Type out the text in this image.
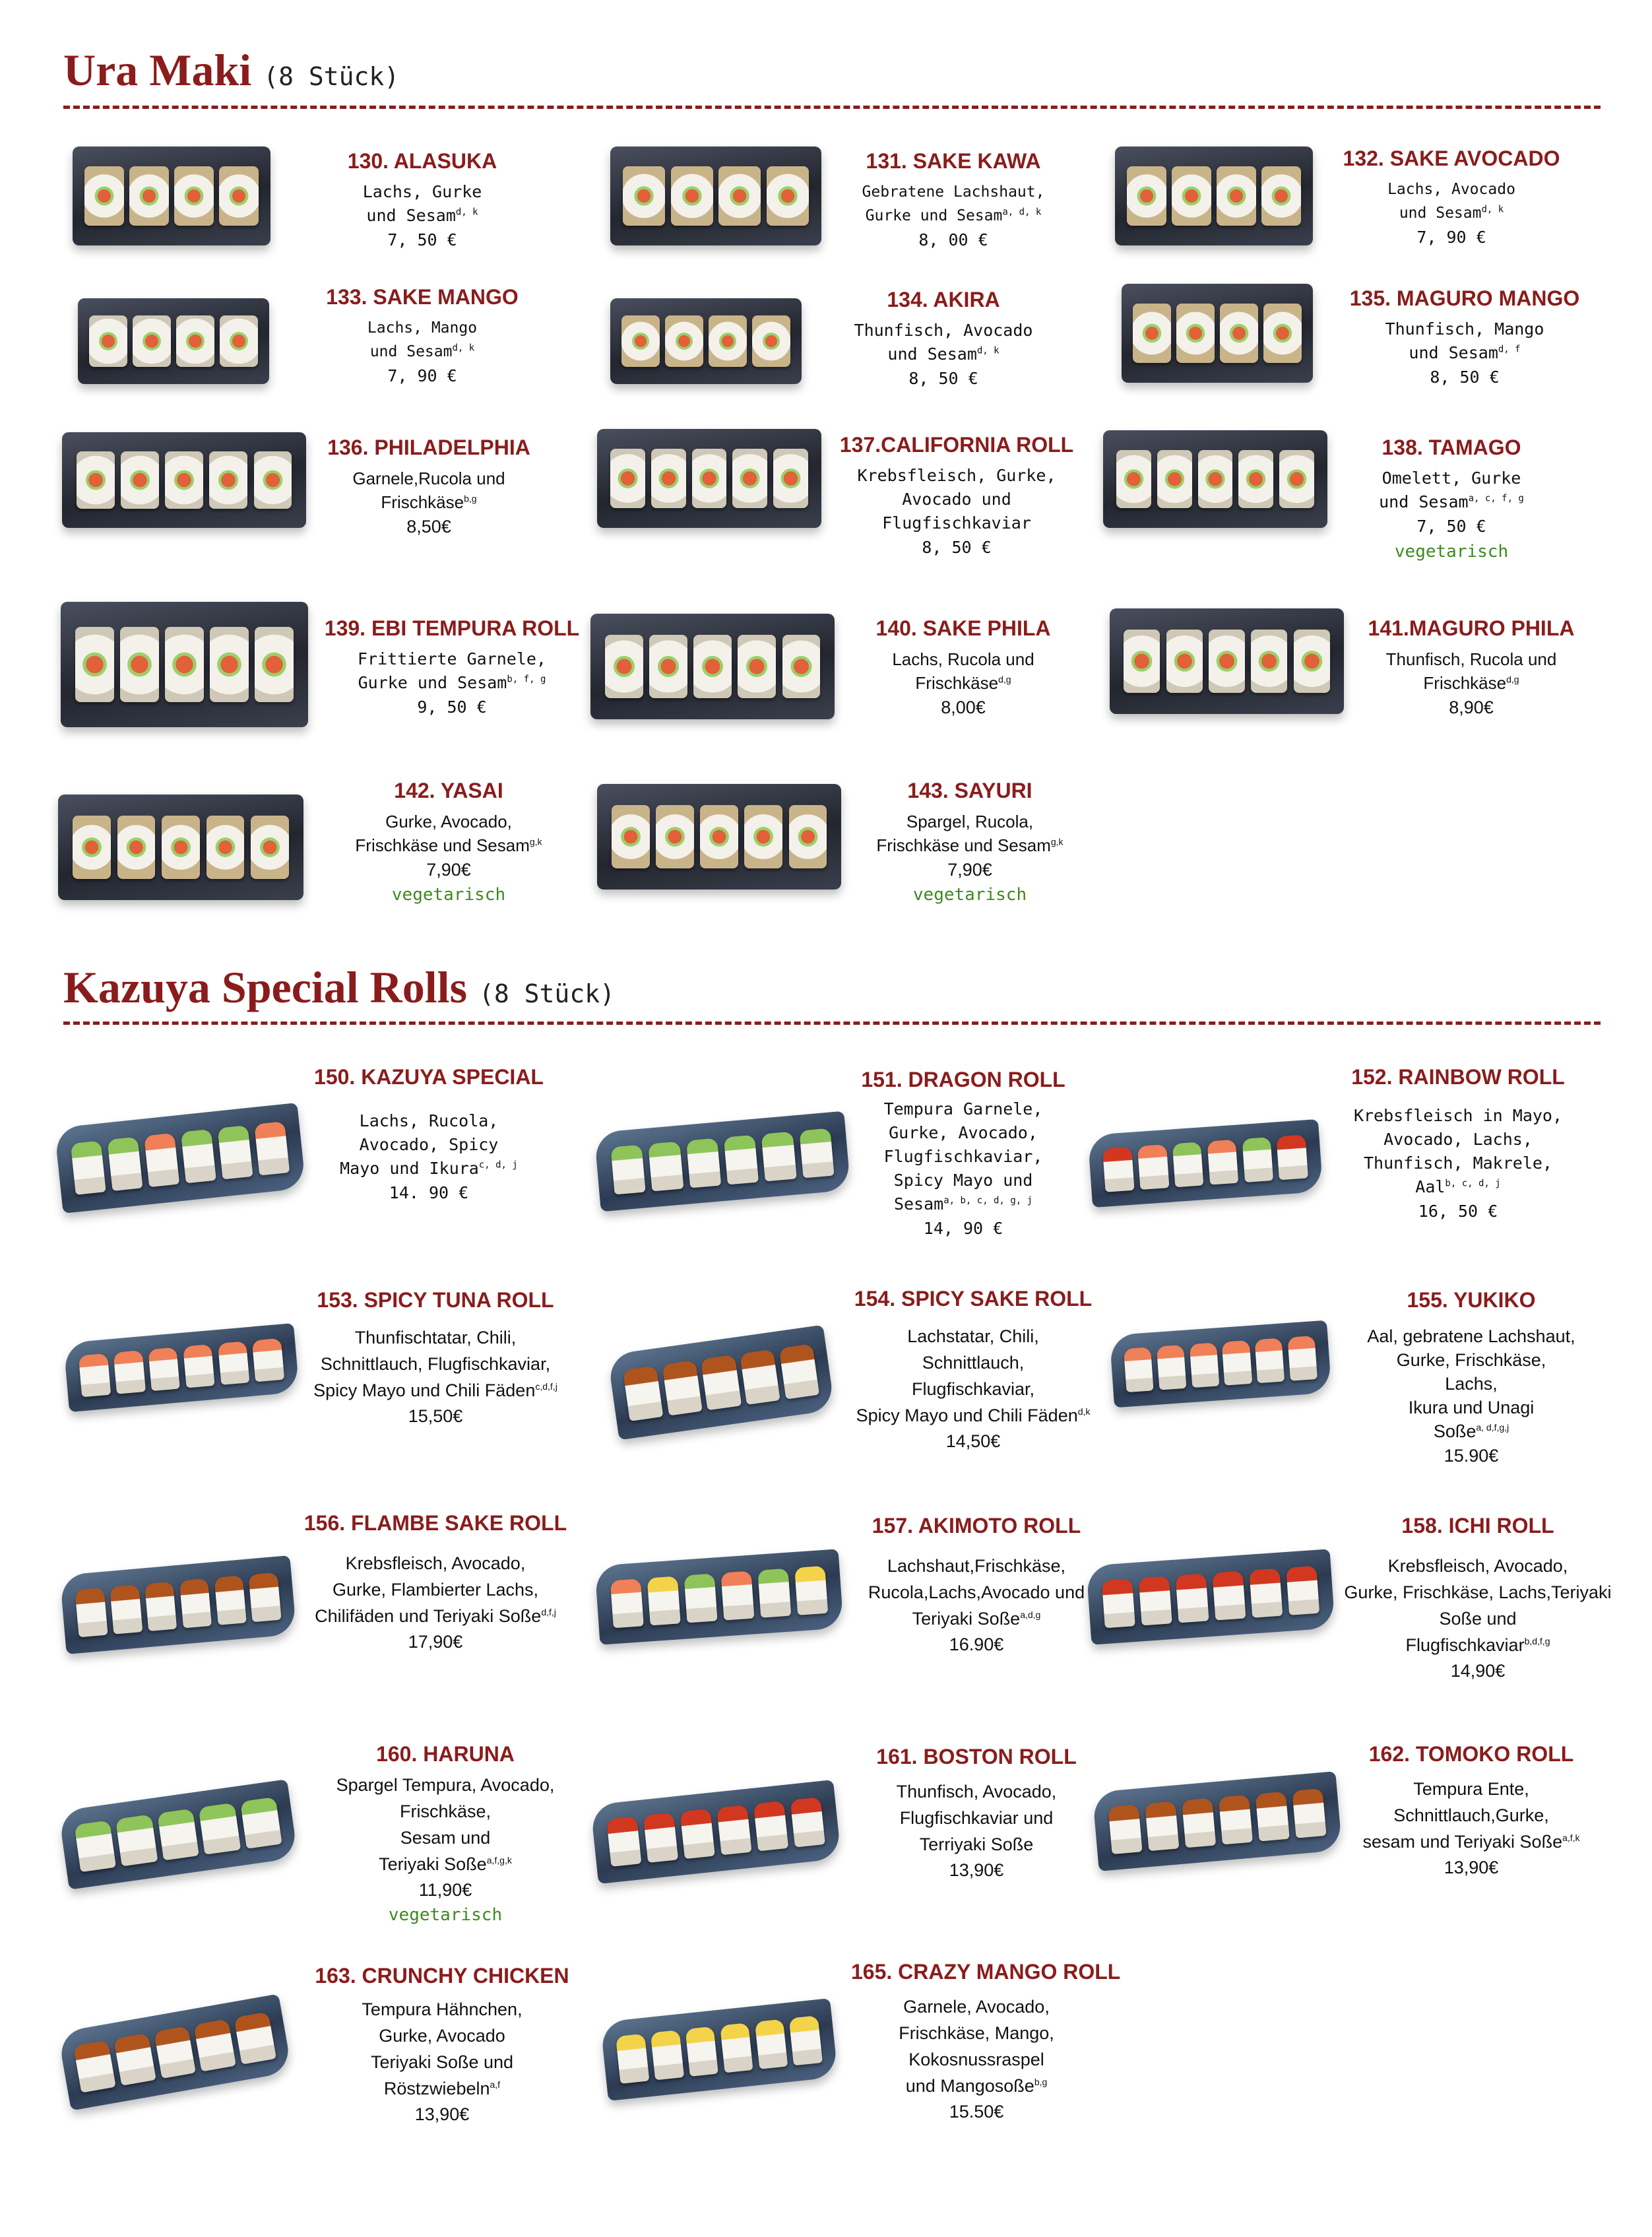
Ura Maki (8 Stück)
130. ALASUKA
Lachs, Gurke
und Sesam$^{d, k}$
7, 50 €
131. SAKE KAWA
Gebratene Lachshaut,
Gurke und Sesam$^{a, d, k}$
8, 00 €
132. SAKE AVOCADO
Lachs, Avocado
und Sesam$^{d, k}$
7, 90 €
133. SAKE MANGO
Lachs, Mango
und Sesam$^{d, k}$
7, 90 €
134. AKIRA
Thunfisch, Avocado
und Sesam$^{d, k}$
8, 50 €
135. MAGURO MANGO
Thunfisch, Mango
und Sesam$^{d, f}$
8, 50 €
136. PHILADELPHIA
Garnele,Rucola und
Frischkäse$^{b,g}$
8,50€
137.CALIFORNIA ROLL
Krebsfleisch, Gurke,
Avocado und
Flugfischkaviar
8, 50 €
138. TAMAGO
Omelett, Gurke
und Sesam$^{a, c, f, g}$
7, 50 €
vegetarisch
139. EBI TEMPURA ROLL
Frittierte Garnele,
Gurke und Sesam$^{b, f, g}$
9, 50 €
140. SAKE PHILA
Lachs, Rucola und
Frischkäse$^{d,g}$
8,00€
141.MAGURO PHILA
Thunfisch, Rucola und
Frischkäse$^{d,g}$
8,90€
142. YASAI
Gurke, Avocado,
Frischkäse und Sesam$^{g,k}$
7,90€
vegetarisch
143. SAYURI
Spargel, Rucola,
Frischkäse und Sesam$^{g,k}$
7,90€
vegetarisch
Kazuya Special Rolls (8 Stück)
150. KAZUYA SPECIAL
Lachs, Rucola,
Avocado, Spicy
Mayo und Ikura$^{c, d, j}$
14. 90 €
151. DRAGON ROLL
Tempura Garnele,
Gurke, Avocado,
Flugfischkaviar,
Spicy Mayo und
Sesam$^{a, b, c, d, g, j}$
14, 90 €
152. RAINBOW ROLL
Krebsfleisch in Mayo,
Avocado, Lachs,
Thunfisch, Makrele,
Aal$^{b, c, d, j}$
16, 50 €
153. SPICY TUNA ROLL
Thunfischtatar, Chili,
Schnittlauch, Flugfischkaviar,
Spicy Mayo und Chili Fäden$^{c,d,f,j}$
15,50€
154. SPICY SAKE ROLL
Lachstatar, Chili,
Schnittlauch,
Flugfischkaviar,
Spicy Mayo und Chili Fäden$^{d,k}$
14,50€
155. YUKIKO
Aal, gebratene Lachshaut,
Gurke, Frischkäse,
Lachs,
Ikura und Unagi
Soße$^{a, d,f,g,j}$
15.90€
156. FLAMBE SAKE ROLL
Krebsfleisch, Avocado,
Gurke, Flambierter Lachs,
Chilifäden und Teriyaki Soße$^{d,f,j}$
17,90€
157. AKIMOTO ROLL
Lachshaut,Frischkäse,
Rucola,Lachs,Avocado und
Teriyaki Soße$^{a,d,g}$
16.90€
158. ICHI ROLL
Krebsfleisch, Avocado,
Gurke, Frischkäse, Lachs,Teriyaki
Soße und
Flugfischkaviar$^{b,d,f,g}$
14,90€
160. HARUNA
Spargel Tempura, Avocado,
Frischkäse,
Sesam und
Teriyaki Soße$^{a,f,g,k}$
11,90€
vegetarisch
161. BOSTON ROLL
Thunfisch, Avocado,
Flugfischkaviar und
Terriyaki Soße
13,90€
162. TOMOKO ROLL
Tempura Ente,
Schnittlauch,Gurke,
sesam und Teriyaki Soße$^{a,f,k}$
13,90€
163. CRUNCHY CHICKEN
Tempura Hähnchen,
Gurke, Avocado
Teriyaki Soße und
Röstzwiebeln$^{a,f}$
13,90€
165. CRAZY MANGO ROLL
Garnele, Avocado,
Frischkäse, Mango,
Kokosnussraspel
und Mangosoße$^{b,g}$
15.50€
